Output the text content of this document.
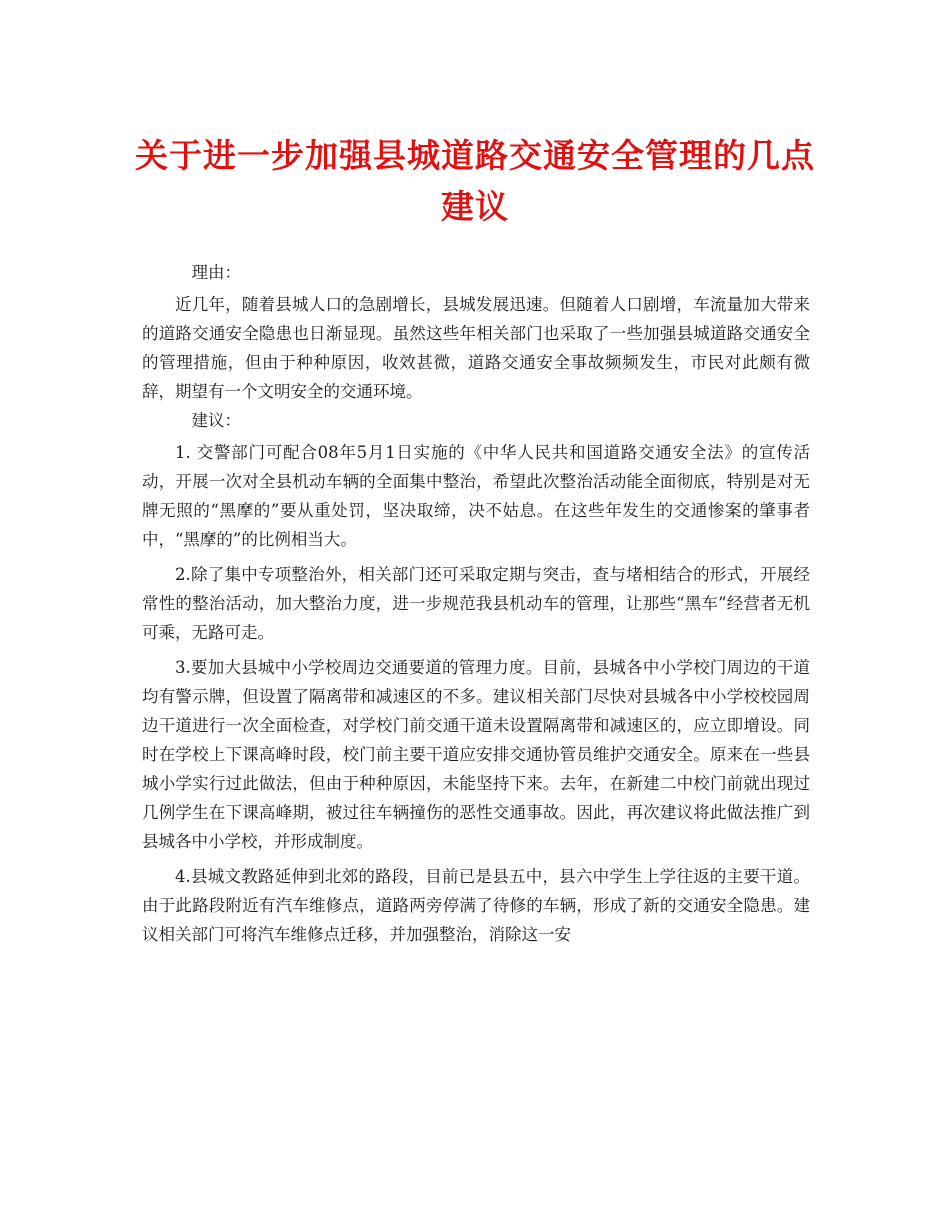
关于进一步加强县城道路交通安全管理的几点建议

理由：

近几年，随着县城人口的急剧增长，县城发展迅速。但随着人口剧增，车流量加大带来的道路交通安全隐患也日渐显现。虽然这些年相关部门也采取了一些加强县城道路交通安全的管理措施，但由于种种原因，收效甚微，道路交通安全事故频频发生，市民对此颇有微辞，期望有一个文明安全的交通环境。

建议：

1. 交警部门可配合08年5月1日实施的《中华人民共和国道路交通安全法》的宣传活动，开展一次对全县机动车辆的全面集中整治，希望此次整治活动能全面彻底，特别是对无牌无照的“黑摩的”要从重处罚，坚决取缔，决不姑息。在这些年发生的交通惨案的肇事者中，“黑摩的”的比例相当大。

2.除了集中专项整治外，相关部门还可采取定期与突击，查与堵相结合的形式，开展经常性的整治活动，加大整治力度，进一步规范我县机动车的管理，让那些“黑车”经营者无机可乘，无路可走。

3.要加大县城中小学校周边交通要道的管理力度。目前，县城各中小学校门周边的干道均有警示牌，但设置了隔离带和减速区的不多。建议相关部门尽快对县城各中小学校校园周边干道进行一次全面检查，对学校门前交通干道未设置隔离带和减速区的，应立即增设。同时在学校上下课高峰时段，校门前主要干道应安排交通协管员维护交通安全。原来在一些县城小学实行过此做法，但由于种种原因，未能坚持下来。去年，在新建二中校门前就出现过几例学生在下课高峰期，被过往车辆撞伤的恶性交通事故。因此，再次建议将此做法推广到县城各中小学校，并形成制度。

4.县城文教路延伸到北郊的路段，目前已是县五中，县六中学生上学往返的主要干道。由于此路段附近有汽车维修点，道路两旁停满了待修的车辆，形成了新的交通安全隐患。建议相关部门可将汽车维修点迁移，并加强整治，消除这一安
